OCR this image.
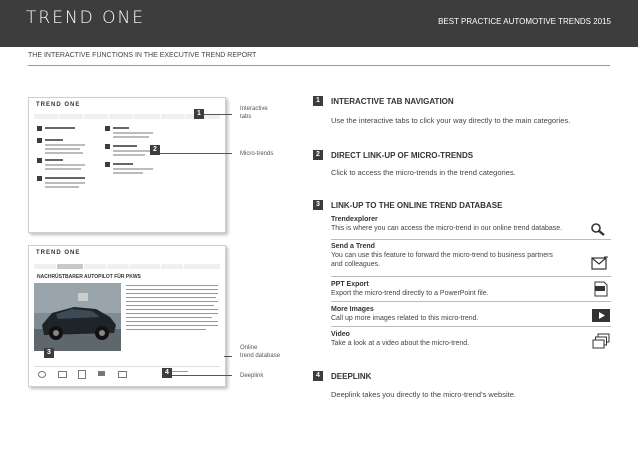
TREND ONE	BEST PRACTICE AUTOMOTIVE TRENDS 2015
THE INTERACTIVE FUNCTIONS IN THE EXECUTIVE TREND REPORT
TREND ONE
TREND ONE
NACHRÜSTBARER AUTOPILOT FÜR PKWS
1
Interactive
tabs
2
Micro-trends
3
Online
trend database
4	Deeplink
1	INTERACTIVE TAB NAVIGATION
Use the interactive tabs to click your way directly to the main categories.
2	DIRECT LINK-UP OF MICRO-TRENDS
Click to access the micro-trends in the trend categories.
3	LINK-UP TO THE ONLINE TREND DATABASE
Trendexplorer
This is where you can access the micro-trend in our online trend database.
Send a Trend
You can use this feature to forward the micro-trend to business partners
and colleagues.
PPT Export
Export the micro-trend directly to a PowerPoint file.
More Images
Call up more images related to this micro-trend.
Video
Take a look at a video about the micro-trend.
4	DEEPLINK
Deeplink takes you directly to the micro-trend’s website.
